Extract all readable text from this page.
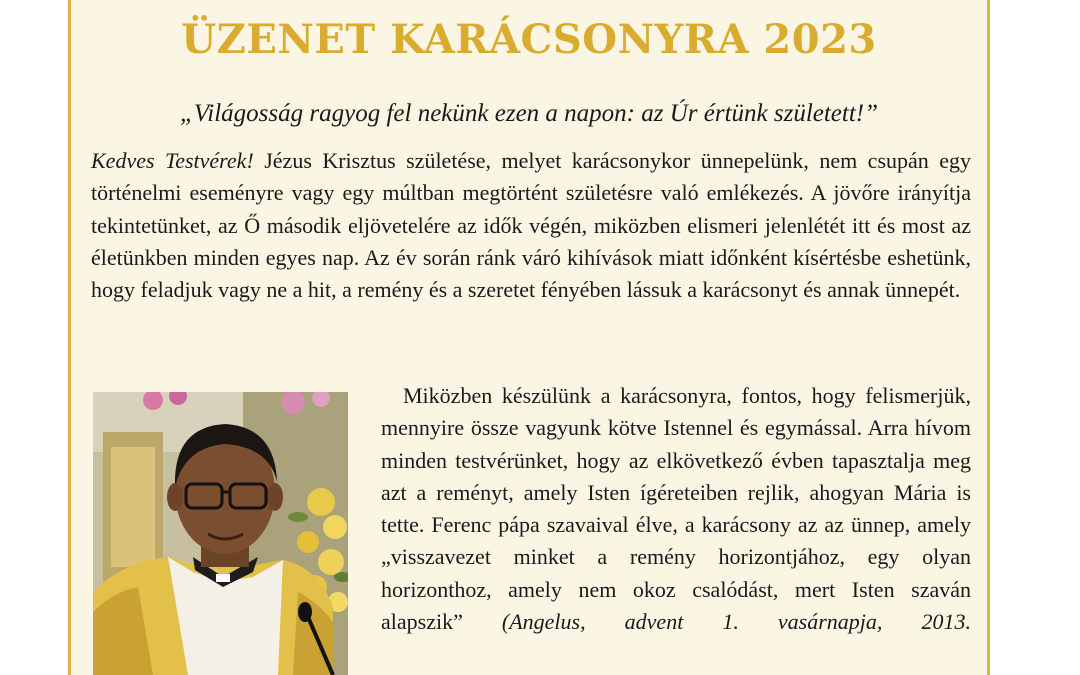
ÜZENET KARÁCSONYRA 2023

„Világosság ragyog fel nekünk ezen a napon: az Úr értünk született!”

Kedves Testvérek! Jézus Krisztus születése, melyet karácsonykor ünnepelünk, nem csupán egy történelmi eseményre vagy egy múltban megtörtént születésre való emlékezés. A jövőre irányítja tekintetünket, az Ő második eljövetelére az idők végén, miközben elismeri jelenlétét itt és most az életünkben minden egyes nap. Az év során ránk váró kihívások miatt időnként kísértésbe eshetünk, hogy feladjuk vagy ne a hit, a remény és a szeretet fényében lássuk a karácsonyt és annak ünnepét.

Miközben készülünk a karácsonyra, fontos, hogy felismerjük, mennyire össze vagyunk kötve Istennel és egymással. Arra hívom minden testvérünket, hogy az elkövetkező évben tapasztalja meg azt a reményt, amely Isten ígéreteiben rejlik, ahogyan Mária is tette. Ferenc pápa szavaival élve, a karácsony az az ünnep, amely „visszavezet minket a remény horizontjához, egy olyan horizonthoz, amely nem okoz csalódást, mert Isten szaván alapszik” (Angelus, advent 1. vasárnapja, 2013.
